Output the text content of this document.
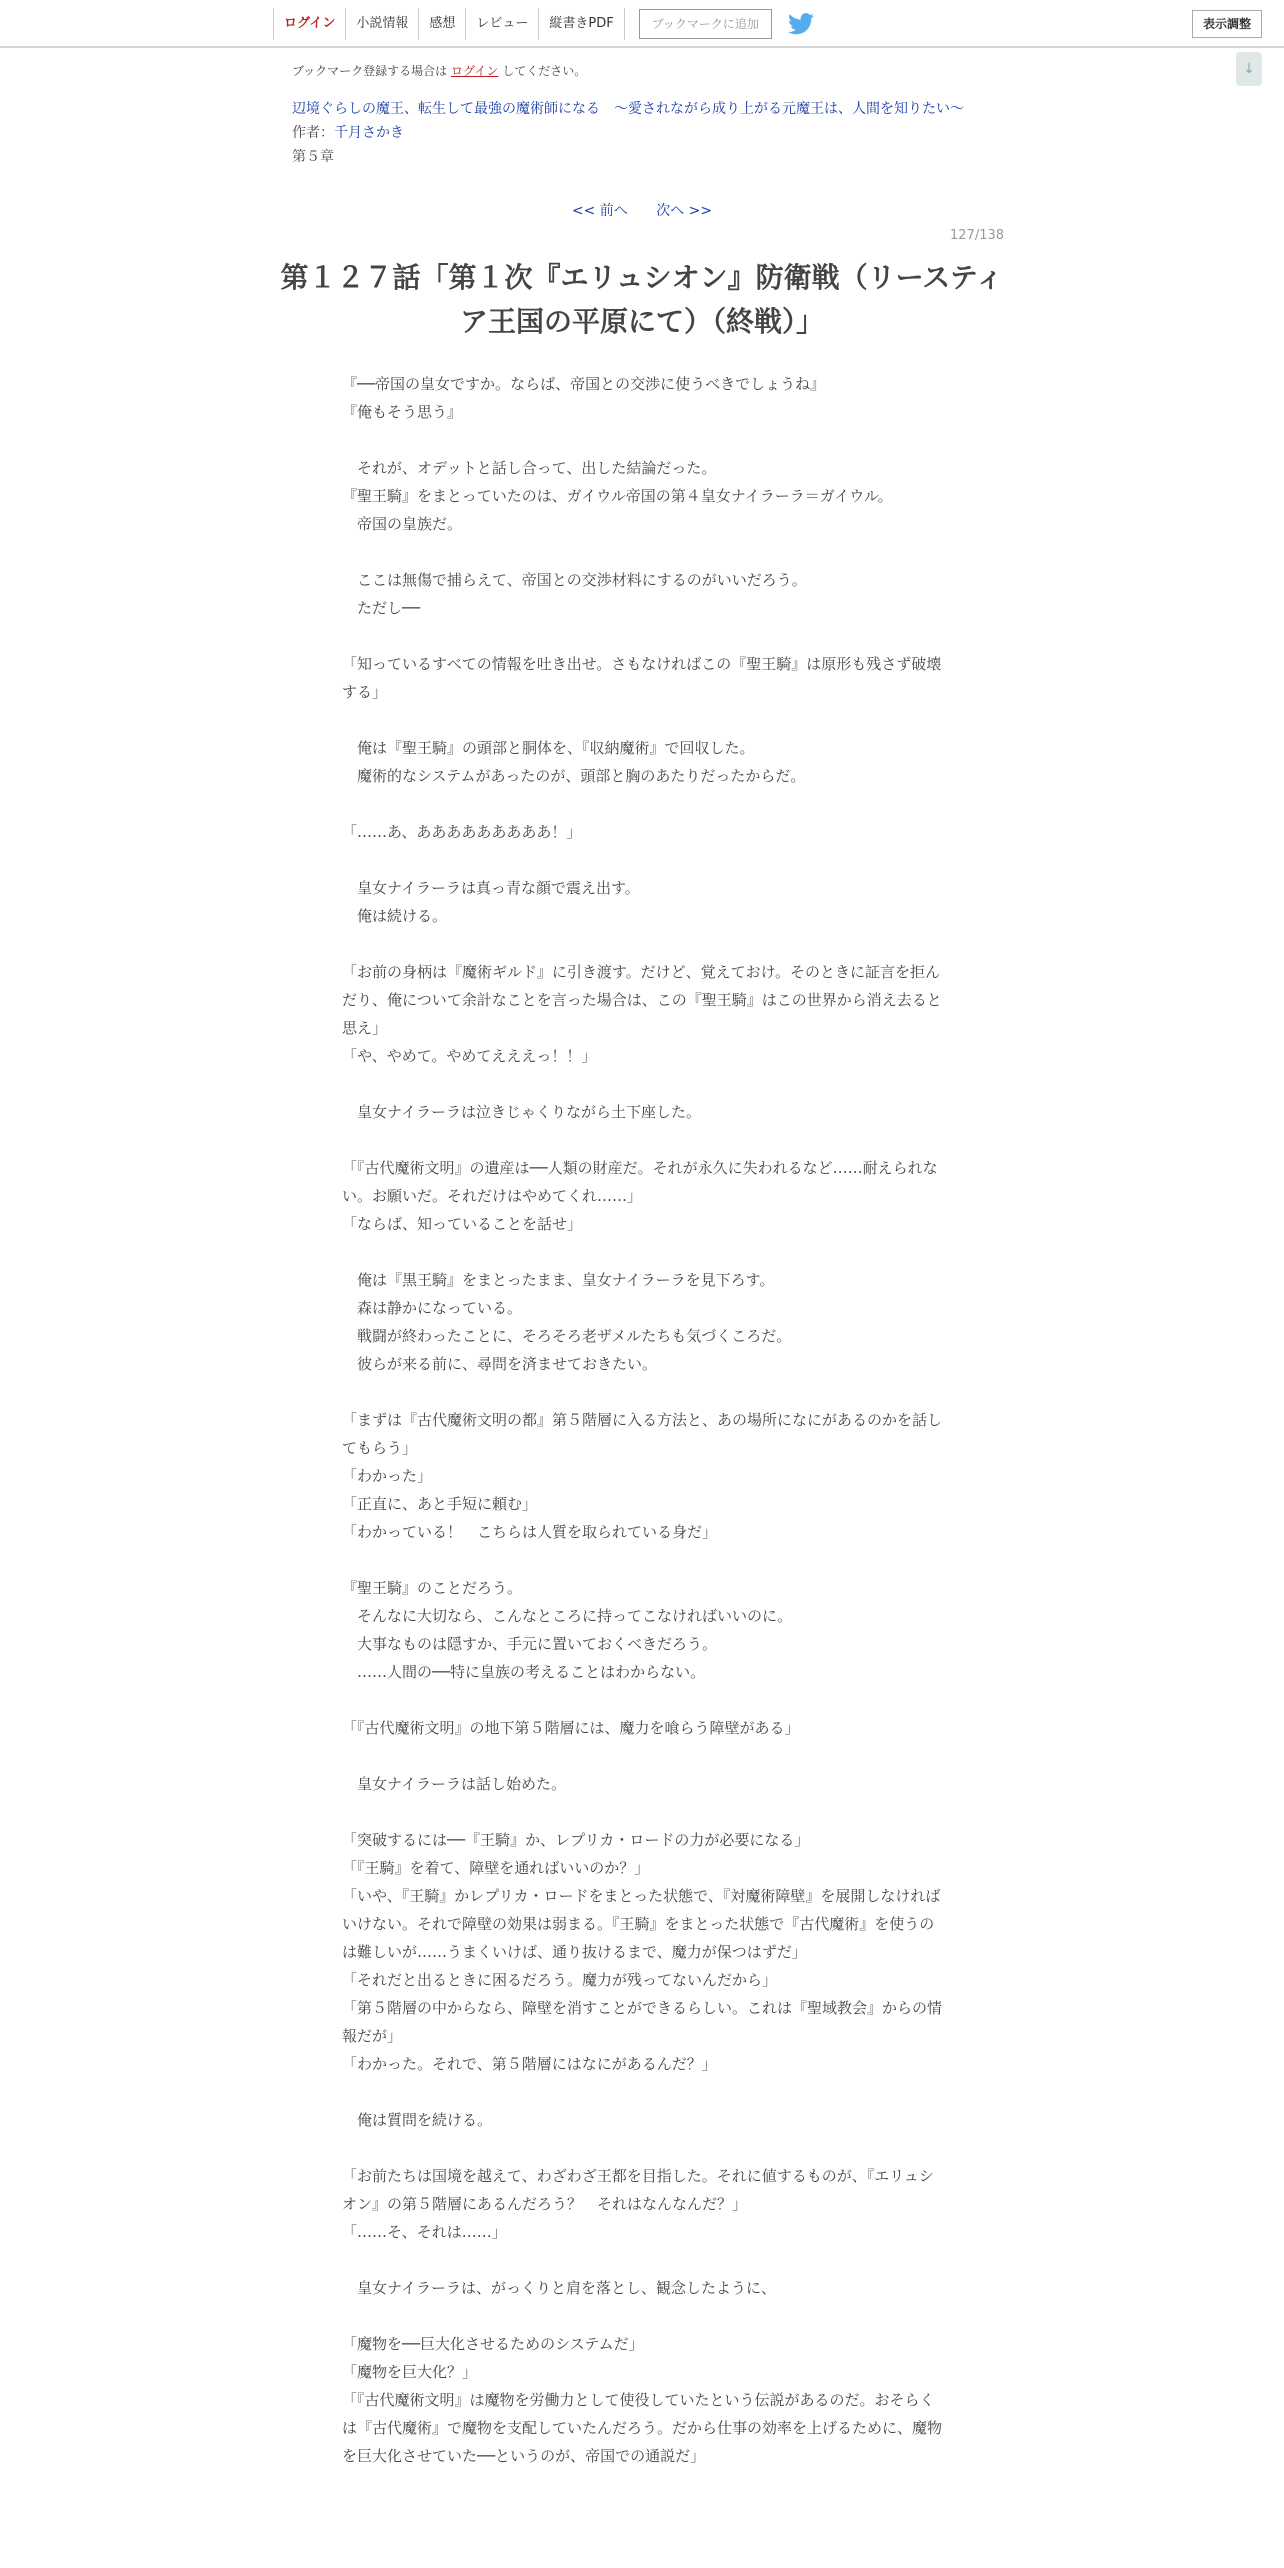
ログイン	小説情報	感想	レビュー	縦書きPDF	ブックマークに追加	表示調整
↓
ブックマーク登録する場合は ログイン してください。
辺境ぐらしの魔王、転生して最強の魔術師になる　〜愛されながら成り上がる元魔王は、人間を知りたい〜
作者：千月さかき
第５章
<< 前へ 次へ >>
127/138
第１２７話「第１次『エリュシオン』防衛戦（リースティア王国の平原にて）（終戦）」

『──帝国の皇女ですか。ならば、帝国との交渉に使うべきでしょうね』

『俺もそう思う』

　それが、オデットと話し合って、出した結論だった。

『聖王騎』をまとっていたのは、ガイウル帝国の第４皇女ナイラーラ＝ガイウル。

　帝国の皇族だ。

　ここは無傷で捕らえて、帝国との交渉材料にするのがいいだろう。

　ただし──

「知っているすべての情報を吐き出せ。さもなければこの『聖王騎』は原形も残さず破壊する」

　俺は『聖王騎』の頭部と胴体を、『収納魔術』で回収した。

　魔術的なシステムがあったのが、頭部と胸のあたりだったからだ。

「……あ、あああああああああ！」

　皇女ナイラーラは真っ青な顔で震え出す。

　俺は続ける。

「お前の身柄は『魔術ギルド』に引き渡す。だけど、覚えておけ。そのときに証言を拒んだり、俺について余計なことを言った場合は、この『聖王騎』はこの世界から消え去ると思え」

「や、やめて。やめてえええっ！！」

　皇女ナイラーラは泣きじゃくりながら土下座した。

「『古代魔術文明』の遺産は──人類の財産だ。それが永久に失われるなど……耐えられない。お願いだ。それだけはやめてくれ……」

「ならば、知っていることを話せ」

　俺は『黒王騎』をまとったまま、皇女ナイラーラを見下ろす。

　森は静かになっている。

　戦闘が終わったことに、そろそろ老ザメルたちも気づくころだ。

　彼らが来る前に、尋問を済ませておきたい。

「まずは『古代魔術文明の都』第５階層に入る方法と、あの場所になにがあるのかを話してもらう」

「わかった」

「正直に、あと手短に頼む」

「わかっている！　こちらは人質を取られている身だ」

『聖王騎』のことだろう。

　そんなに大切なら、こんなところに持ってこなければいいのに。

　大事なものは隠すか、手元に置いておくべきだろう。

　……人間の──特に皇族の考えることはわからない。

「『古代魔術文明』の地下第５階層には、魔力を喰らう障壁がある」

　皇女ナイラーラは話し始めた。

「突破するには──『王騎』か、レプリカ・ロードの力が必要になる」

「『王騎』を着て、障壁を通ればいいのか？」

「いや、『王騎』かレプリカ・ロードをまとった状態で、『対魔術障壁』を展開しなければいけない。それで障壁の効果は弱まる。『王騎』をまとった状態で『古代魔術』を使うのは難しいが……うまくいけば、通り抜けるまで、魔力が保つはずだ」

「それだと出るときに困るだろう。魔力が残ってないんだから」

「第５階層の中からなら、障壁を消すことができるらしい。これは『聖域教会』からの情報だが」

「わかった。それで、第５階層にはなにがあるんだ？」

　俺は質問を続ける。

「お前たちは国境を越えて、わざわざ王都を目指した。それに値するものが、『エリュシオン』の第５階層にあるんだろう？　それはなんなんだ？」

「……そ、それは……」

　皇女ナイラーラは、がっくりと肩を落とし、観念したように、

「魔物を──巨大化させるためのシステムだ」

「魔物を巨大化？」

「『古代魔術文明』は魔物を労働力として使役していたという伝説があるのだ。おそらくは『古代魔術』で魔物を支配していたんだろう。だから仕事の効率を上げるために、魔物を巨大化させていた──というのが、帝国での通説だ」
